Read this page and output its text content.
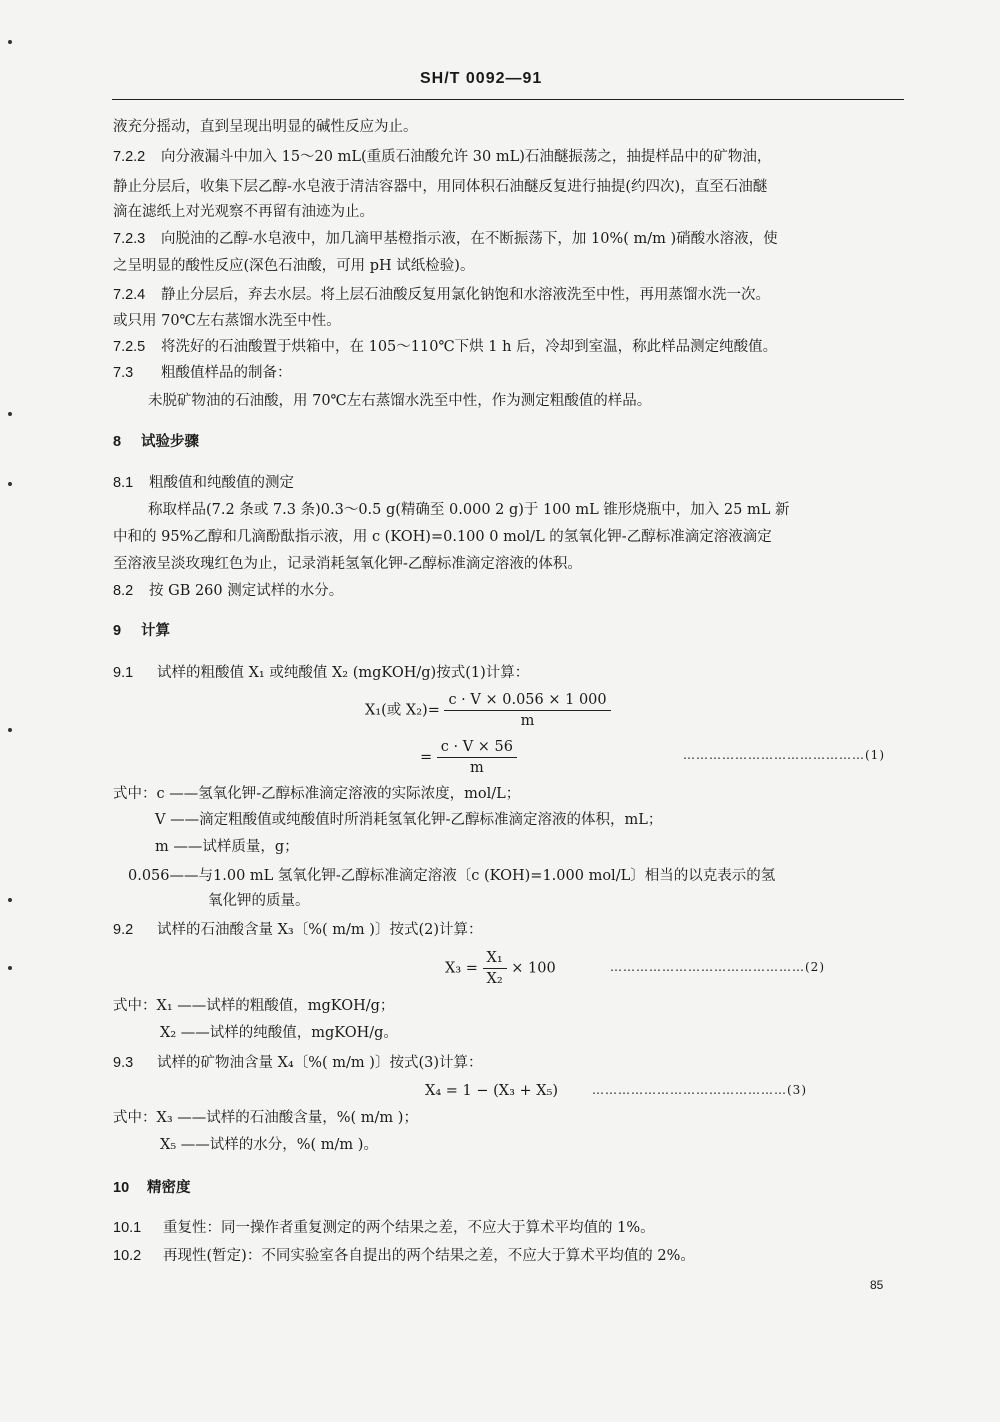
SH/T 0092—91
液充分摇动，直到呈现出明显的碱性反应为止。
7.2.2 向分液漏斗中加入 15～20 mL(重质石油酸允许 30 mL)石油醚振荡之，抽提样品中的矿物油，
静止分层后，收集下层乙醇-水皂液于清洁容器中，用同体积石油醚反复进行抽提(约四次)，直至石油醚
滴在滤纸上对光观察不再留有油迹为止。
7.2.3 向脱油的乙醇-水皂液中，加几滴甲基橙指示液，在不断振荡下，加 10%( m/m )硝酸水溶液，使
之呈明显的酸性反应(深色石油酸，可用 pH 试纸检验)。
7.2.4 静止分层后，弃去水层。将上层石油酸反复用氯化钠饱和水溶液洗至中性，再用蒸馏水洗一次。
或只用 70℃左右蒸馏水洗至中性。
7.2.5 将洗好的石油酸置于烘箱中，在 105～110℃下烘 1 h 后，冷却到室温，称此样品测定纯酸值。
7.3 粗酸值样品的制备：
未脱矿物油的石油酸，用 70℃左右蒸馏水洗至中性，作为测定粗酸值的样品。
8 试验步骤
8.1 粗酸值和纯酸值的测定
称取样品(7.2 条或 7.3 条)0.3～0.5 g(精确至 0.000 2 g)于 100 mL 锥形烧瓶中，加入 25 mL 新
中和的 95%乙醇和几滴酚酞指示液，用 c (KOH)=0.100 0 mol/L 的氢氧化钾-乙醇标准滴定溶液滴定
至溶液呈淡玫瑰红色为止，记录消耗氢氧化钾-乙醇标准滴定溶液的体积。
8.2 按 GB 260 测定试样的水分。
9 计算
9.1 试样的粗酸值 X₁ 或纯酸值 X₂ (mgKOH/g)按式(1)计算：
X₁(或 $X_2)= \frac{c \cdot V \times 0.056 \times 1 000}{m}$
= $\frac{c \cdot V \times 56}{m}$	……………………………………(1)
式中：c ——氢氧化钾-乙醇标准滴定溶液的实际浓度，mol/L；
V ——滴定粗酸值或纯酸值时所消耗氢氧化钾-乙醇标准滴定溶液的体积，mL；
m ——试样质量，g；
0.056——与1.00 mL 氢氧化钾-乙醇标准滴定溶液〔c (KOH)=1.000 mol/L〕相当的以克表示的氢
氧化钾的质量。
9.2 试样的石油酸含量 X₃〔%( m/m )〕按式(2)计算：
$X_3 = \frac{\text{X₁}}{\text{X₂}} \times 100$	………………………………………(2)
式中：X₁ ——试样的粗酸值，mgKOH/g；
X₂ ——试样的纯酸值，mgKOH/g。
9.3 试样的矿物油含量 X₄〔%( m/m )〕按式(3)计算：
X₄ = 1 − (X₃ + X₅)	………………………………………(3)
式中：X₃ ——试样的石油酸含量，%( m/m )；
X₅ ——试样的水分，%( m/m )。
10 精密度
10.1 重复性：同一操作者重复测定的两个结果之差，不应大于算术平均值的 1%。
10.2 再现性(暂定)：不同实验室各自提出的两个结果之差，不应大于算术平均值的 2%。
85
